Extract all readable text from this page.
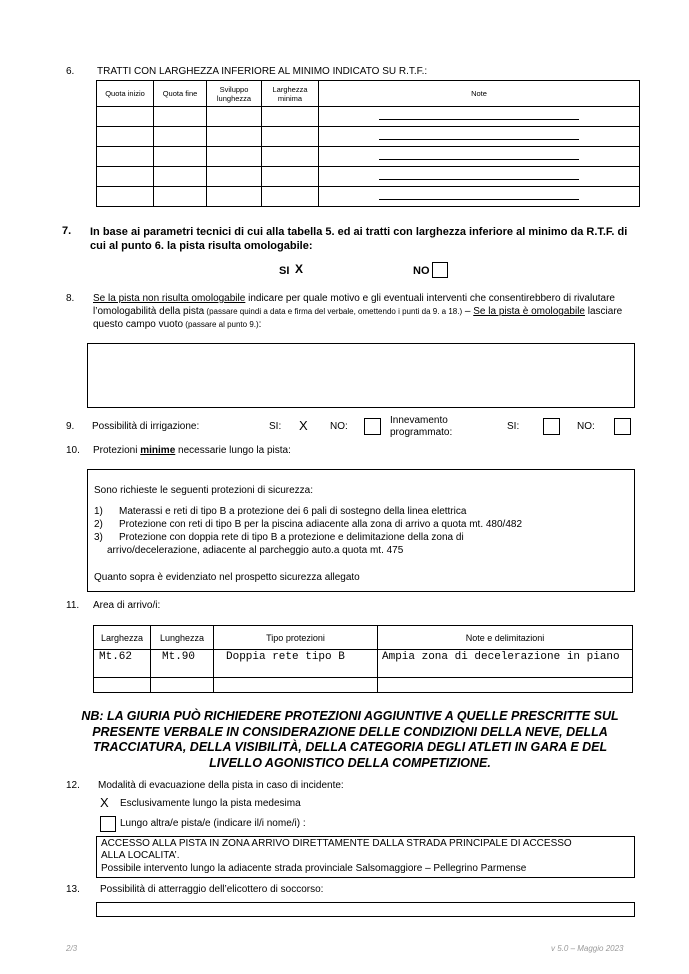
6. TRATTI CON LARGHEZZA INFERIORE AL MINIMO INDICATO SU R.T.F.:
Quota inizio	Quota fine	Sviluppo lunghezza	Larghezza minima	Note

7. In base ai parametri tecnici di cui alla tabella 5. ed ai tratti con larghezza inferiore al minimo da R.T.F. di cui al punto 6. la pista risulta omologabile:
SI X	NO
8. Se la pista non risulta omologabile indicare per quale motivo e gli eventuali interventi che consentirebbero di rivalutare l’omologabilità della pista (passare quindi a data e firma del verbale, omettendo i punti da 9. a 18.) – Se la pista è omologabile lasciare questo campo vuoto (passare al punto 9.):
9. Possibilità di irrigazione:	SI: X NO:
Innevamento programmato:
SI:	NO:
10. Protezioni minime necessarie lungo la pista:
Sono richieste le seguenti protezioni di sicurezza:
1) Materassi e reti di tipo B a protezione dei 6 pali di sostegno della linea elettrica
2) Protezione con reti di tipo B per la piscina adiacente alla zona di arrivo a quota mt. 480/482
3) Protezione con doppia rete di tipo B a protezione e delimitazione della zona di
arrivo/decelerazione, adiacente al parcheggio auto.a quota mt. 475
Quanto sopra è evidenziato nel prospetto sicurezza allegato
11. Area di arrivo/i:
Larghezza	Lunghezza	Tipo protezioni	Note e delimitazioni
Mt.62	Mt.90	Doppia rete tipo B	Ampia zona di decelerazione in piano

NB: LA GIURIA PUÒ RICHIEDERE PROTEZIONI AGGIUNTIVE A QUELLE PRESCRITTE SUL
PRESENTE VERBALE IN CONSIDERAZIONE DELLE CONDIZIONI DELLA NEVE, DELLA
TRACCIATURA, DELLA VISIBILITÀ, DELLA CATEGORIA DEGLI ATLETI IN GARA E DEL
LIVELLO AGONISTICO DELLA COMPETIZIONE.
12. Modalità di evacuazione della pista in caso di incidente:
X Esclusivamente lungo la pista medesima
Lungo altra/e pista/e (indicare il/i nome/i) :
ACCESSO ALLA PISTA IN ZONA ARRIVO DIRETTAMENTE DALLA STRADA PRINCIPALE DI ACCESSO
ALLA LOCALITA’.
Possibile intervento lungo la adiacente strada provinciale Salsomaggiore – Pellegrino Parmense
13. Possibilità di atterraggio dell’elicottero di soccorso:
2/3	v 5.0 – Maggio 2023
